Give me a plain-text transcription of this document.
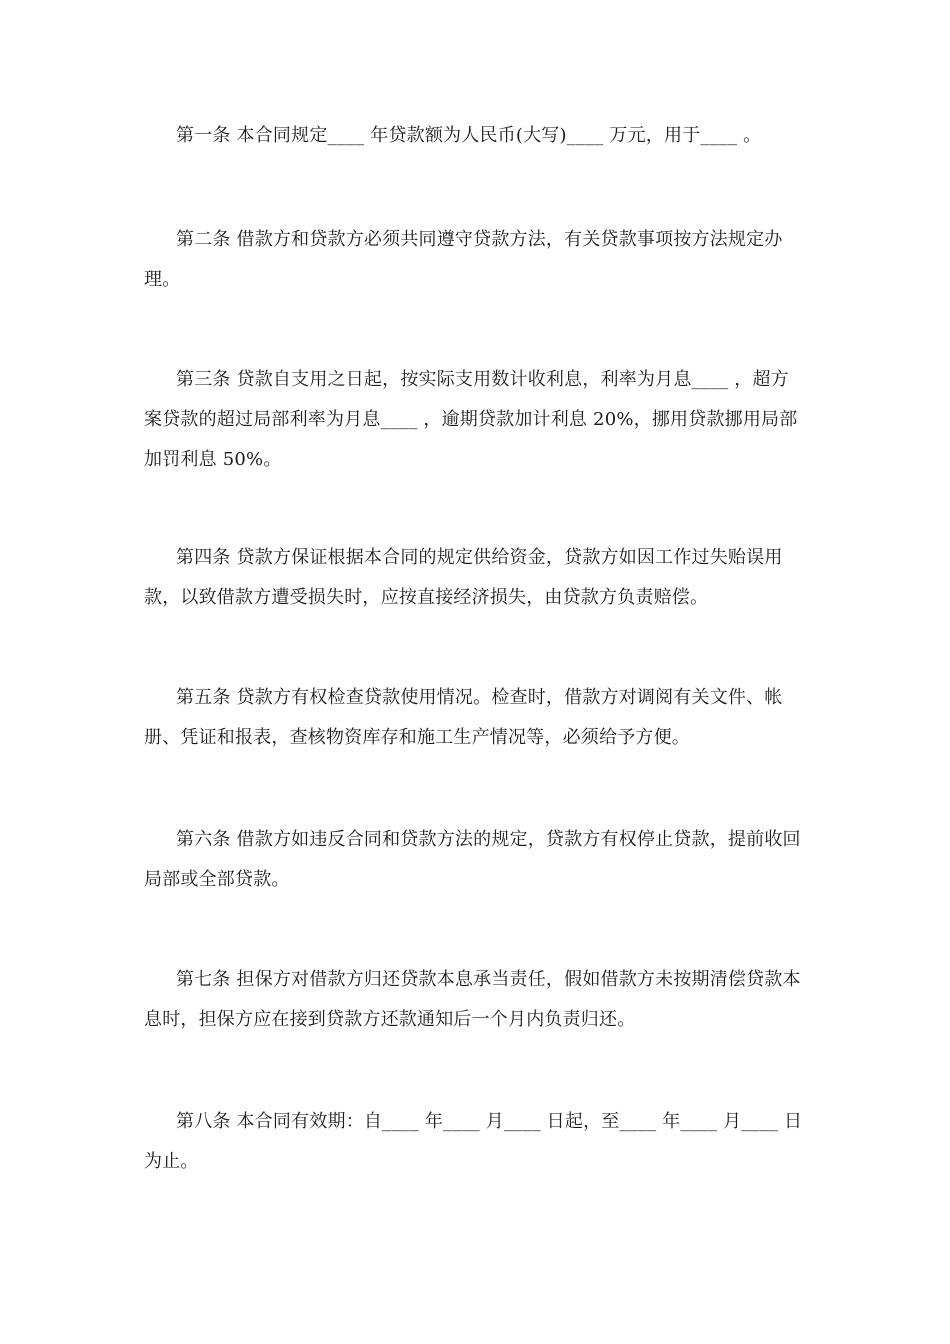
第一条 本合同规定____ 年贷款额为人民币(大写)____ 万元，用于____ 。

第二条 借款方和贷款方必须共同遵守贷款方法，有关贷款事项按方法规定办理。

第三条 贷款自支用之日起，按实际支用数计收利息，利率为月息____ ，超方案贷款的超过局部利率为月息____ ，逾期贷款加计利息 20%，挪用贷款挪用局部加罚利息 50%。

第四条 贷款方保证根据本合同的规定供给资金，贷款方如因工作过失贻误用款，以致借款方遭受损失时，应按直接经济损失，由贷款方负责赔偿。

第五条 贷款方有权检查贷款使用情况。检查时，借款方对调阅有关文件、帐册、凭证和报表，查核物资库存和施工生产情况等，必须给予方便。

第六条 借款方如违反合同和贷款方法的规定，贷款方有权停止贷款，提前收回局部或全部贷款。

第七条 担保方对借款方归还贷款本息承当责任，假如借款方未按期清偿贷款本息时，担保方应在接到贷款方还款通知后一个月内负责归还。

第八条 本合同有效期：自____ 年____ 月____ 日起，至____ 年____ 月____ 日为止。
